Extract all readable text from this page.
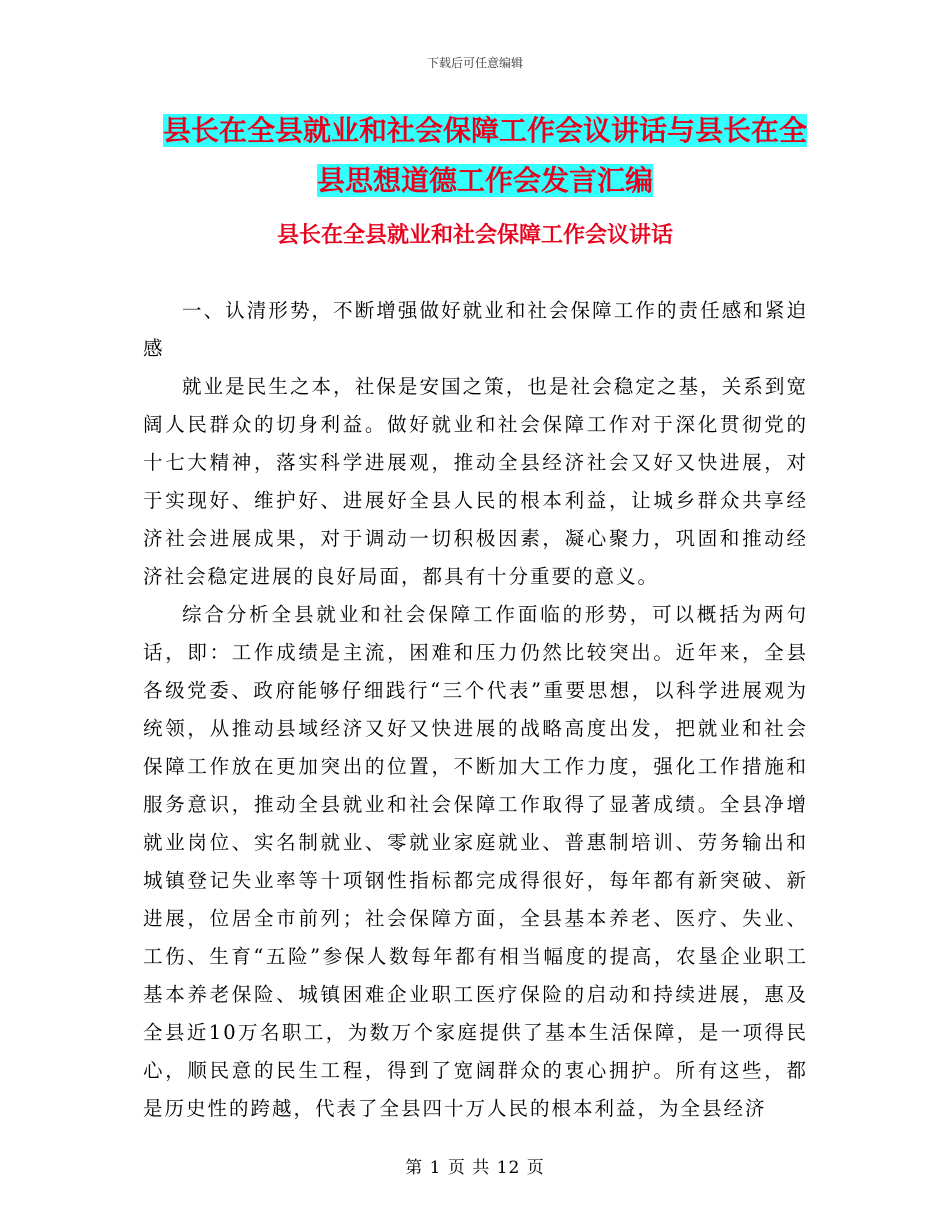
下载后可任意编辑
县长在全县就业和社会保障工作会议讲话与县长在全
县思想道德工作会发言汇编
县长在全县就业和社会保障工作会议讲话

一、认清形势，不断增强做好就业和社会保障工作的责任感和紧迫感

就业是民生之本，社保是安国之策，也是社会稳定之基，关系到宽阔人民群众的切身利益。做好就业和社会保障工作对于深化贯彻党的十七大精神，落实科学进展观，推动全县经济社会又好又快进展，对于实现好、维护好、进展好全县人民的根本利益，让城乡群众共享经济社会进展成果，对于调动一切积极因素，凝心聚力，巩固和推动经济社会稳定进展的良好局面，都具有十分重要的意义。

综合分析全县就业和社会保障工作面临的形势，可以概括为两句话，即：工作成绩是主流，困难和压力仍然比较突出。近年来，全县各级党委、政府能够仔细践行“三个代表”重要思想，以科学进展观为统领，从推动县域经济又好又快进展的战略高度出发，把就业和社会保障工作放在更加突出的位置，不断加大工作力度，强化工作措施和服务意识，推动全县就业和社会保障工作取得了显著成绩。全县净增就业岗位、实名制就业、零就业家庭就业、普惠制培训、劳务输出和城镇登记失业率等十项钢性指标都完成得很好，每年都有新突破、新进展，位居全市前列；社会保障方面，全县基本养老、医疗、失业、工伤、生育“五险”参保人数每年都有相当幅度的提高，农垦企业职工基本养老保险、城镇困难企业职工医疗保险的启动和持续进展，惠及全县近10万名职工，为数万个家庭提供了基本生活保障，是一项得民心，顺民意的民生工程，得到了宽阔群众的衷心拥护。所有这些，都是历史性的跨越，代表了全县四十万人民的根本利益，为全县经济

第 1 页 共 12 页
